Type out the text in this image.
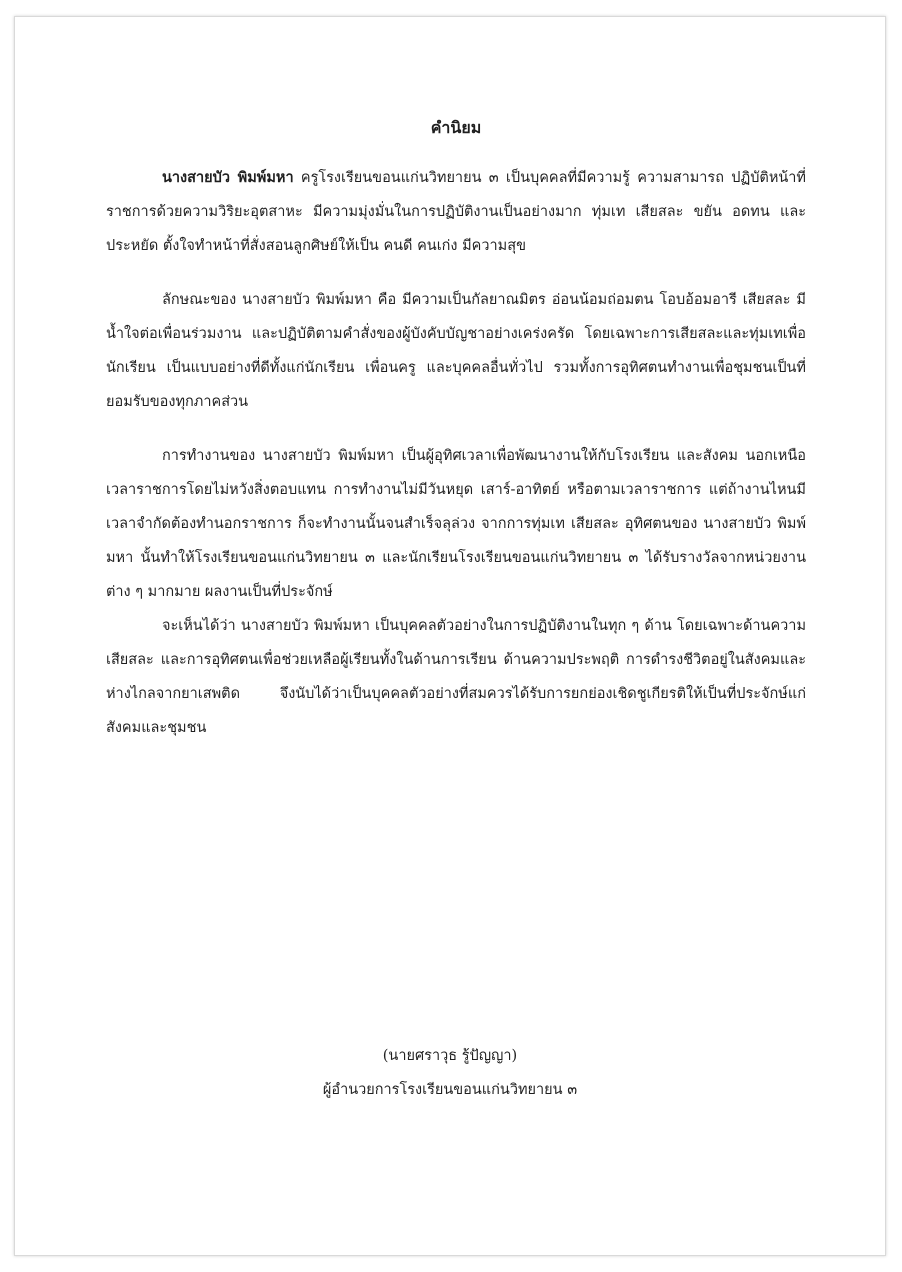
คำนิยม

นางสายบัว พิมพ์มหา ครูโรงเรียนขอนแก่นวิทยายน ๓ เป็นบุคคลที่มีความรู้ ความสามารถ ปฏิบัติหน้าที่ราชการด้วยความวิริยะอุตสาหะ มีความมุ่งมั่นในการปฏิบัติงานเป็นอย่างมาก ทุ่มเท เสียสละ ขยัน อดทน และประหยัด ตั้งใจทำหน้าที่สั่งสอนลูกศิษย์ให้เป็น คนดี คนเก่ง มีความสุข

ลักษณะของ นางสายบัว พิมพ์มหา คือ มีความเป็นกัลยาณมิตร อ่อนน้อมถ่อมตน โอบอ้อมอารี เสียสละ มีน้ำใจต่อเพื่อนร่วมงาน และปฏิบัติตามคำสั่งของผู้บังคับบัญชาอย่างเคร่งครัด โดยเฉพาะการเสียสละและทุ่มเทเพื่อนักเรียน เป็นแบบอย่างที่ดีทั้งแก่นักเรียน เพื่อนครู และบุคคลอื่นทั่วไป รวมทั้งการอุทิศตนทำงานเพื่อชุมชนเป็นที่ยอมรับของทุกภาคส่วน

การทำงานของ นางสายบัว พิมพ์มหา เป็นผู้อุทิศเวลาเพื่อพัฒนางานให้กับโรงเรียน และสังคม นอกเหนือเวลาราชการโดยไม่หวังสิ่งตอบแทน การทำงานไม่มีวันหยุด เสาร์-อาทิตย์ หรือตามเวลาราชการ แต่ถ้างานไหนมีเวลาจำกัดต้องทำนอกราชการ ก็จะทำงานนั้นจนสำเร็จลุล่วง จากการทุ่มเท เสียสละ อุทิศตนของ นางสายบัว พิมพ์มหา นั้นทำให้โรงเรียนขอนแก่นวิทยายน ๓ และนักเรียนโรงเรียนขอนแก่นวิทยายน ๓ ได้รับรางวัลจากหน่วยงานต่าง ๆ มากมาย ผลงานเป็นที่ประจักษ์

จะเห็นได้ว่า นางสายบัว พิมพ์มหา เป็นบุคคลตัวอย่างในการปฏิบัติงานในทุก ๆ ด้าน โดยเฉพาะด้านความเสียสละ และการอุทิศตนเพื่อช่วยเหลือผู้เรียนทั้งในด้านการเรียน ด้านความประพฤติ การดำรงชีวิตอยู่ในสังคมและห่างไกลจากยาเสพติด จึงนับได้ว่าเป็นบุคคลตัวอย่างที่สมควรได้รับการยกย่องเชิดชูเกียรติให้เป็นที่ประจักษ์แก่สังคมและชุมชน

(นายศราวุธ รู้ปัญญา)
ผู้อำนวยการโรงเรียนขอนแก่นวิทยายน ๓
